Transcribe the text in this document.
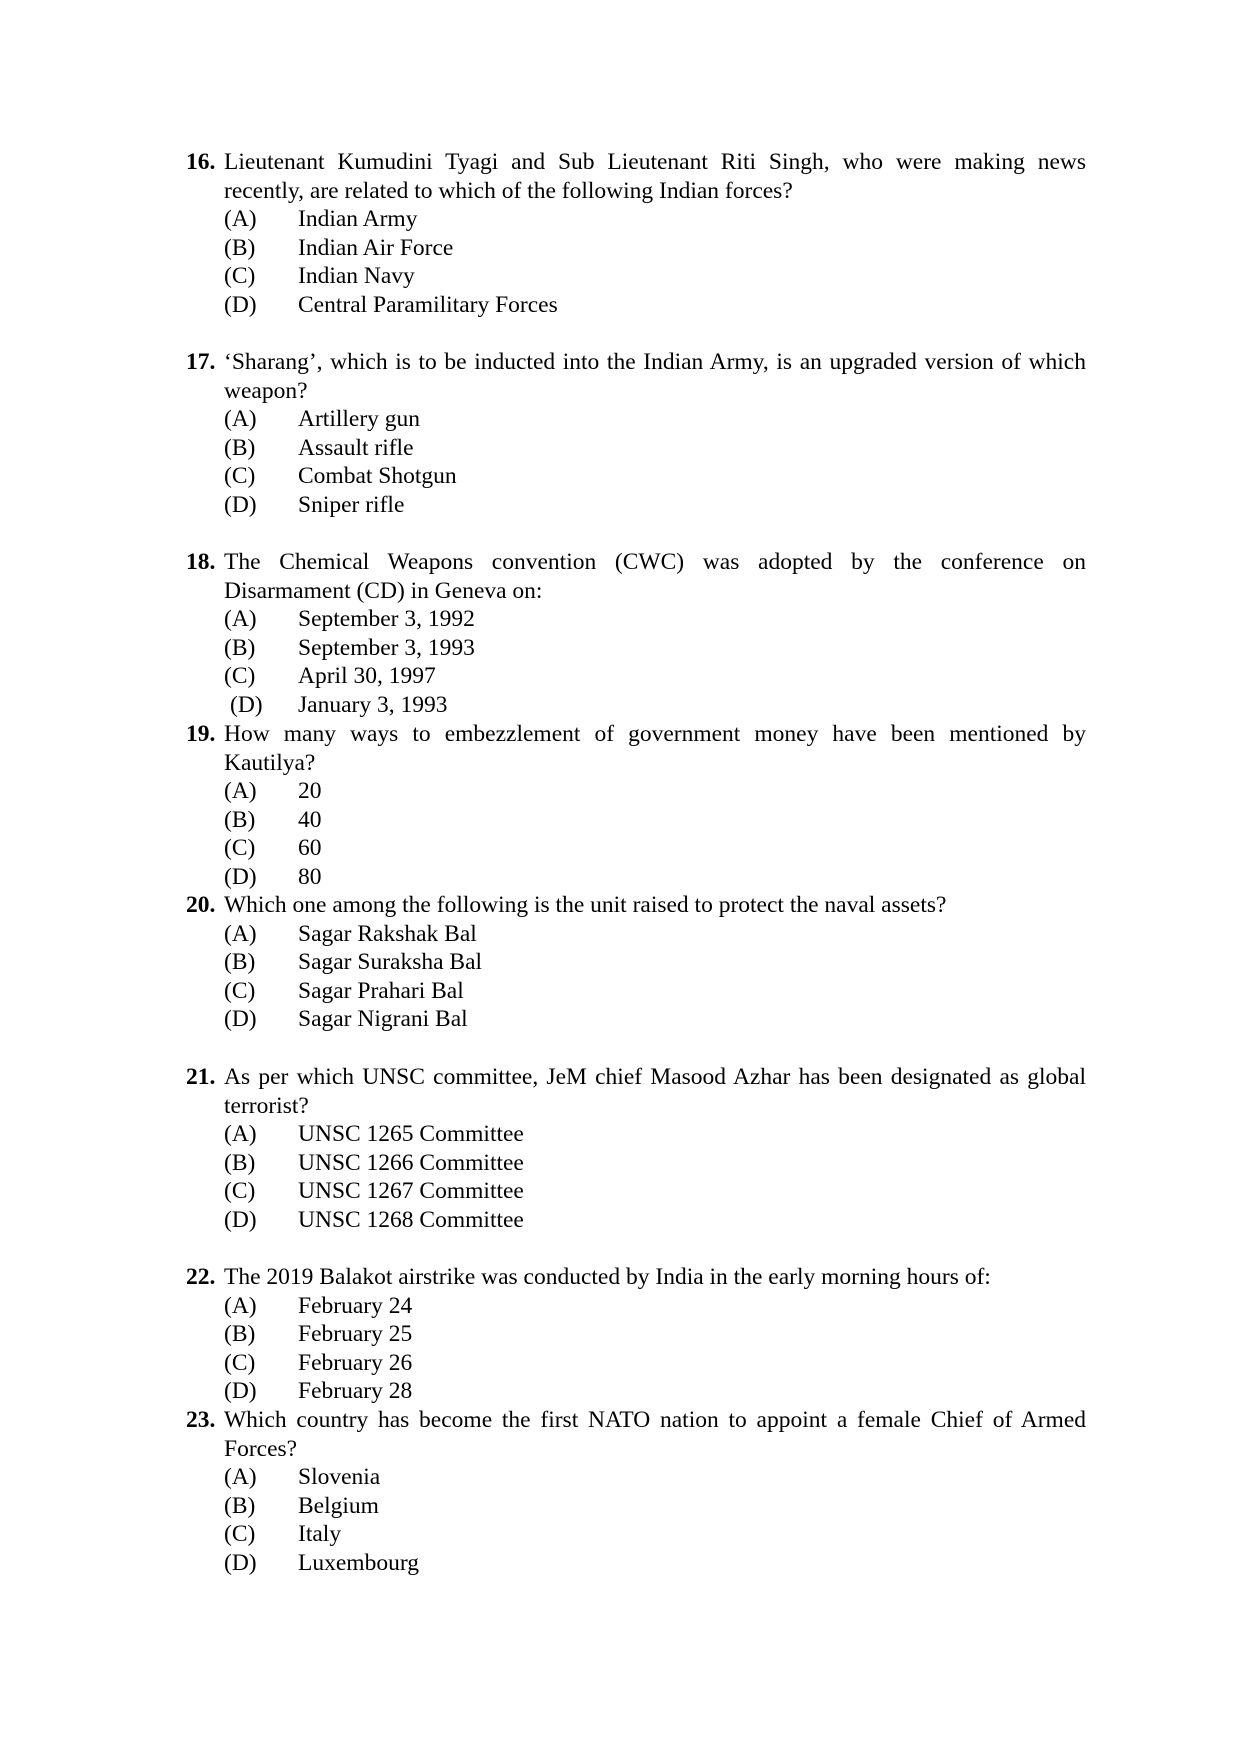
16. Lieutenant Kumudini Tyagi and Sub Lieutenant Riti Singh, who were making news recently, are related to which of the following Indian forces?
(A) Indian Army
(B) Indian Air Force
(C) Indian Navy
(D) Central Paramilitary Forces
17. ‘Sharang’, which is to be inducted into the Indian Army, is an upgraded version of which weapon?
(A) Artillery gun
(B) Assault rifle
(C) Combat Shotgun
(D) Sniper rifle
18. The Chemical Weapons convention (CWC) was adopted by the conference on Disarmament (CD) in Geneva on:
(A) September 3, 1992
(B) September 3, 1993
(C) April 30, 1997
(D) January 3, 1993
19. How many ways to embezzlement of government money have been mentioned by Kautilya?
(A) 20
(B) 40
(C) 60
(D) 80
20. Which one among the following is the unit raised to protect the naval assets?
(A) Sagar Rakshak Bal
(B) Sagar Suraksha Bal
(C) Sagar Prahari Bal
(D) Sagar Nigrani Bal
21. As per which UNSC committee, JeM chief Masood Azhar has been designated as global terrorist?
(A) UNSC 1265 Committee
(B) UNSC 1266 Committee
(C) UNSC 1267 Committee
(D) UNSC 1268 Committee
22. The 2019 Balakot airstrike was conducted by India in the early morning hours of:
(A) February 24
(B) February 25
(C) February 26
(D) February 28
23. Which country has become the first NATO nation to appoint a female Chief of Armed Forces?
(A) Slovenia
(B) Belgium
(C) Italy
(D) Luxembourg
